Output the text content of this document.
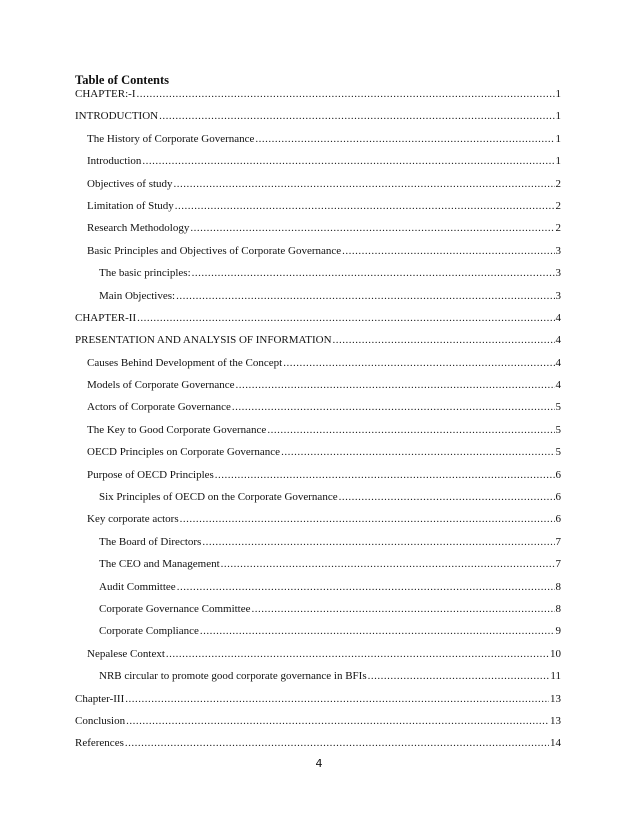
Table of Contents
CHAPTER:-I .....	1
INTRODUCTION .....	1
The History of Corporate Governance .....	1
Introduction .....	1
Objectives of study .....	2
Limitation of Study .....	2
Research Methodology .....	2
Basic Principles and Objectives of Corporate Governance .....	3
The basic principles: .....	3
Main Objectives: .....	3
CHAPTER-II .....	4
PRESENTATION AND ANALYSIS OF INFORMATION .....	4
Causes Behind Development of the Concept .....	4
Models of Corporate Governance .....	4
Actors of Corporate Governance .....	5
The Key to Good Corporate Governance .....	5
OECD Principles on Corporate Governance .....	5
Purpose of OECD Principles .....	6
Six Principles of OECD on the Corporate Governance .....	6
Key corporate actors .....	6
The Board of Directors .....	7
The CEO and Management .....	7
Audit Committee .....	8
Corporate Governance Committee .....	8
Corporate Compliance .....	9
Nepalese Context .....	10
NRB circular to promote good corporate governance in BFIs .....	11
Chapter-III .....	13
Conclusion .....	13
References .....	14
4
